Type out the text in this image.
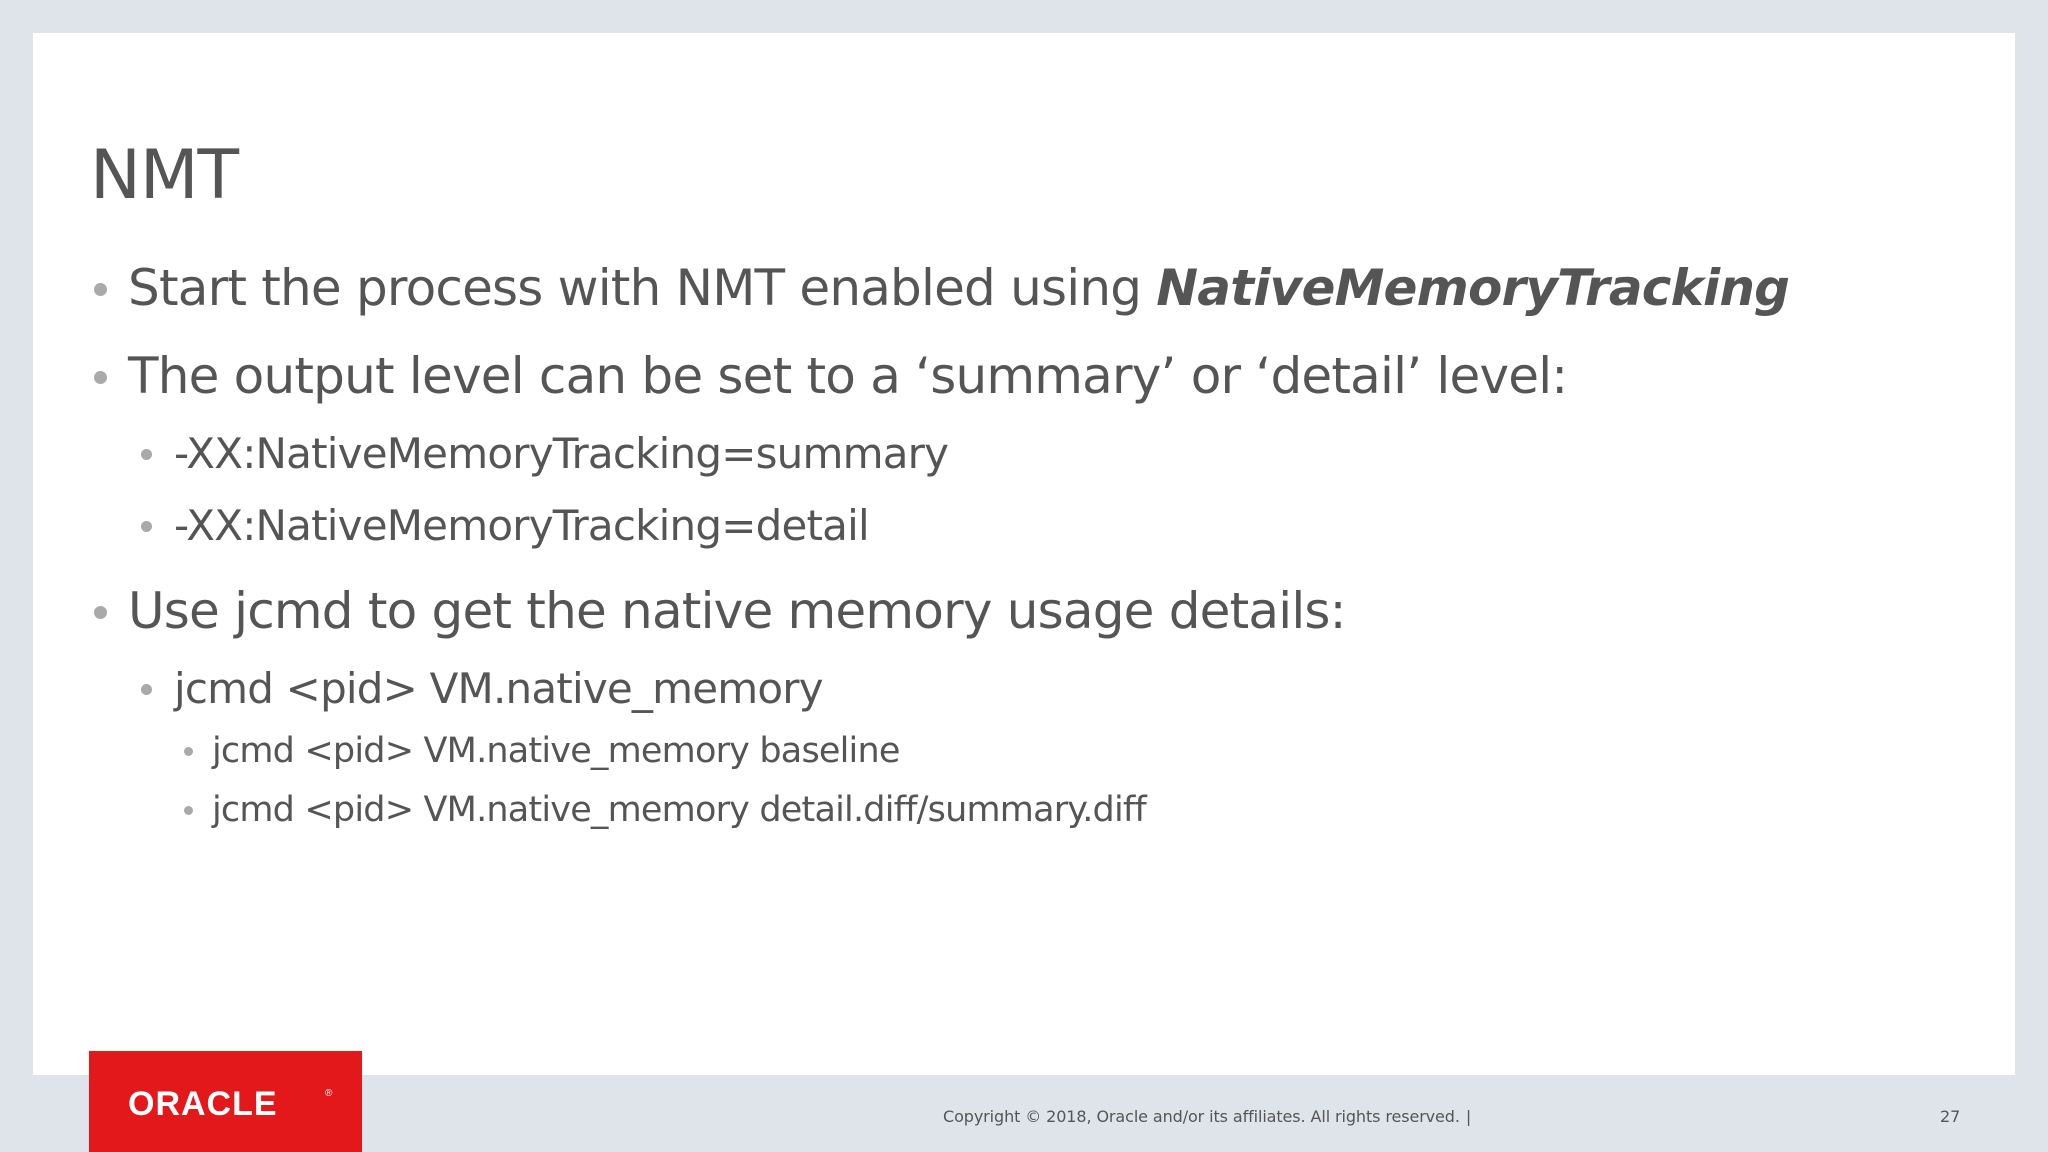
NMT
Start the process with NMT enabled using NativeMemoryTracking
The output level can be set to a ‘summary’ or ‘detail’ level:
-XX:NativeMemoryTracking=summary
-XX:NativeMemoryTracking=detail
Use jcmd to get the native memory usage details:
jcmd <pid> VM.native_memory
jcmd <pid> VM.native_memory baseline
jcmd <pid> VM.native_memory detail.diff/summary.diff
ORACLE	®
Copyright © 2018, Oracle and/or its affiliates. All rights reserved. |	27
